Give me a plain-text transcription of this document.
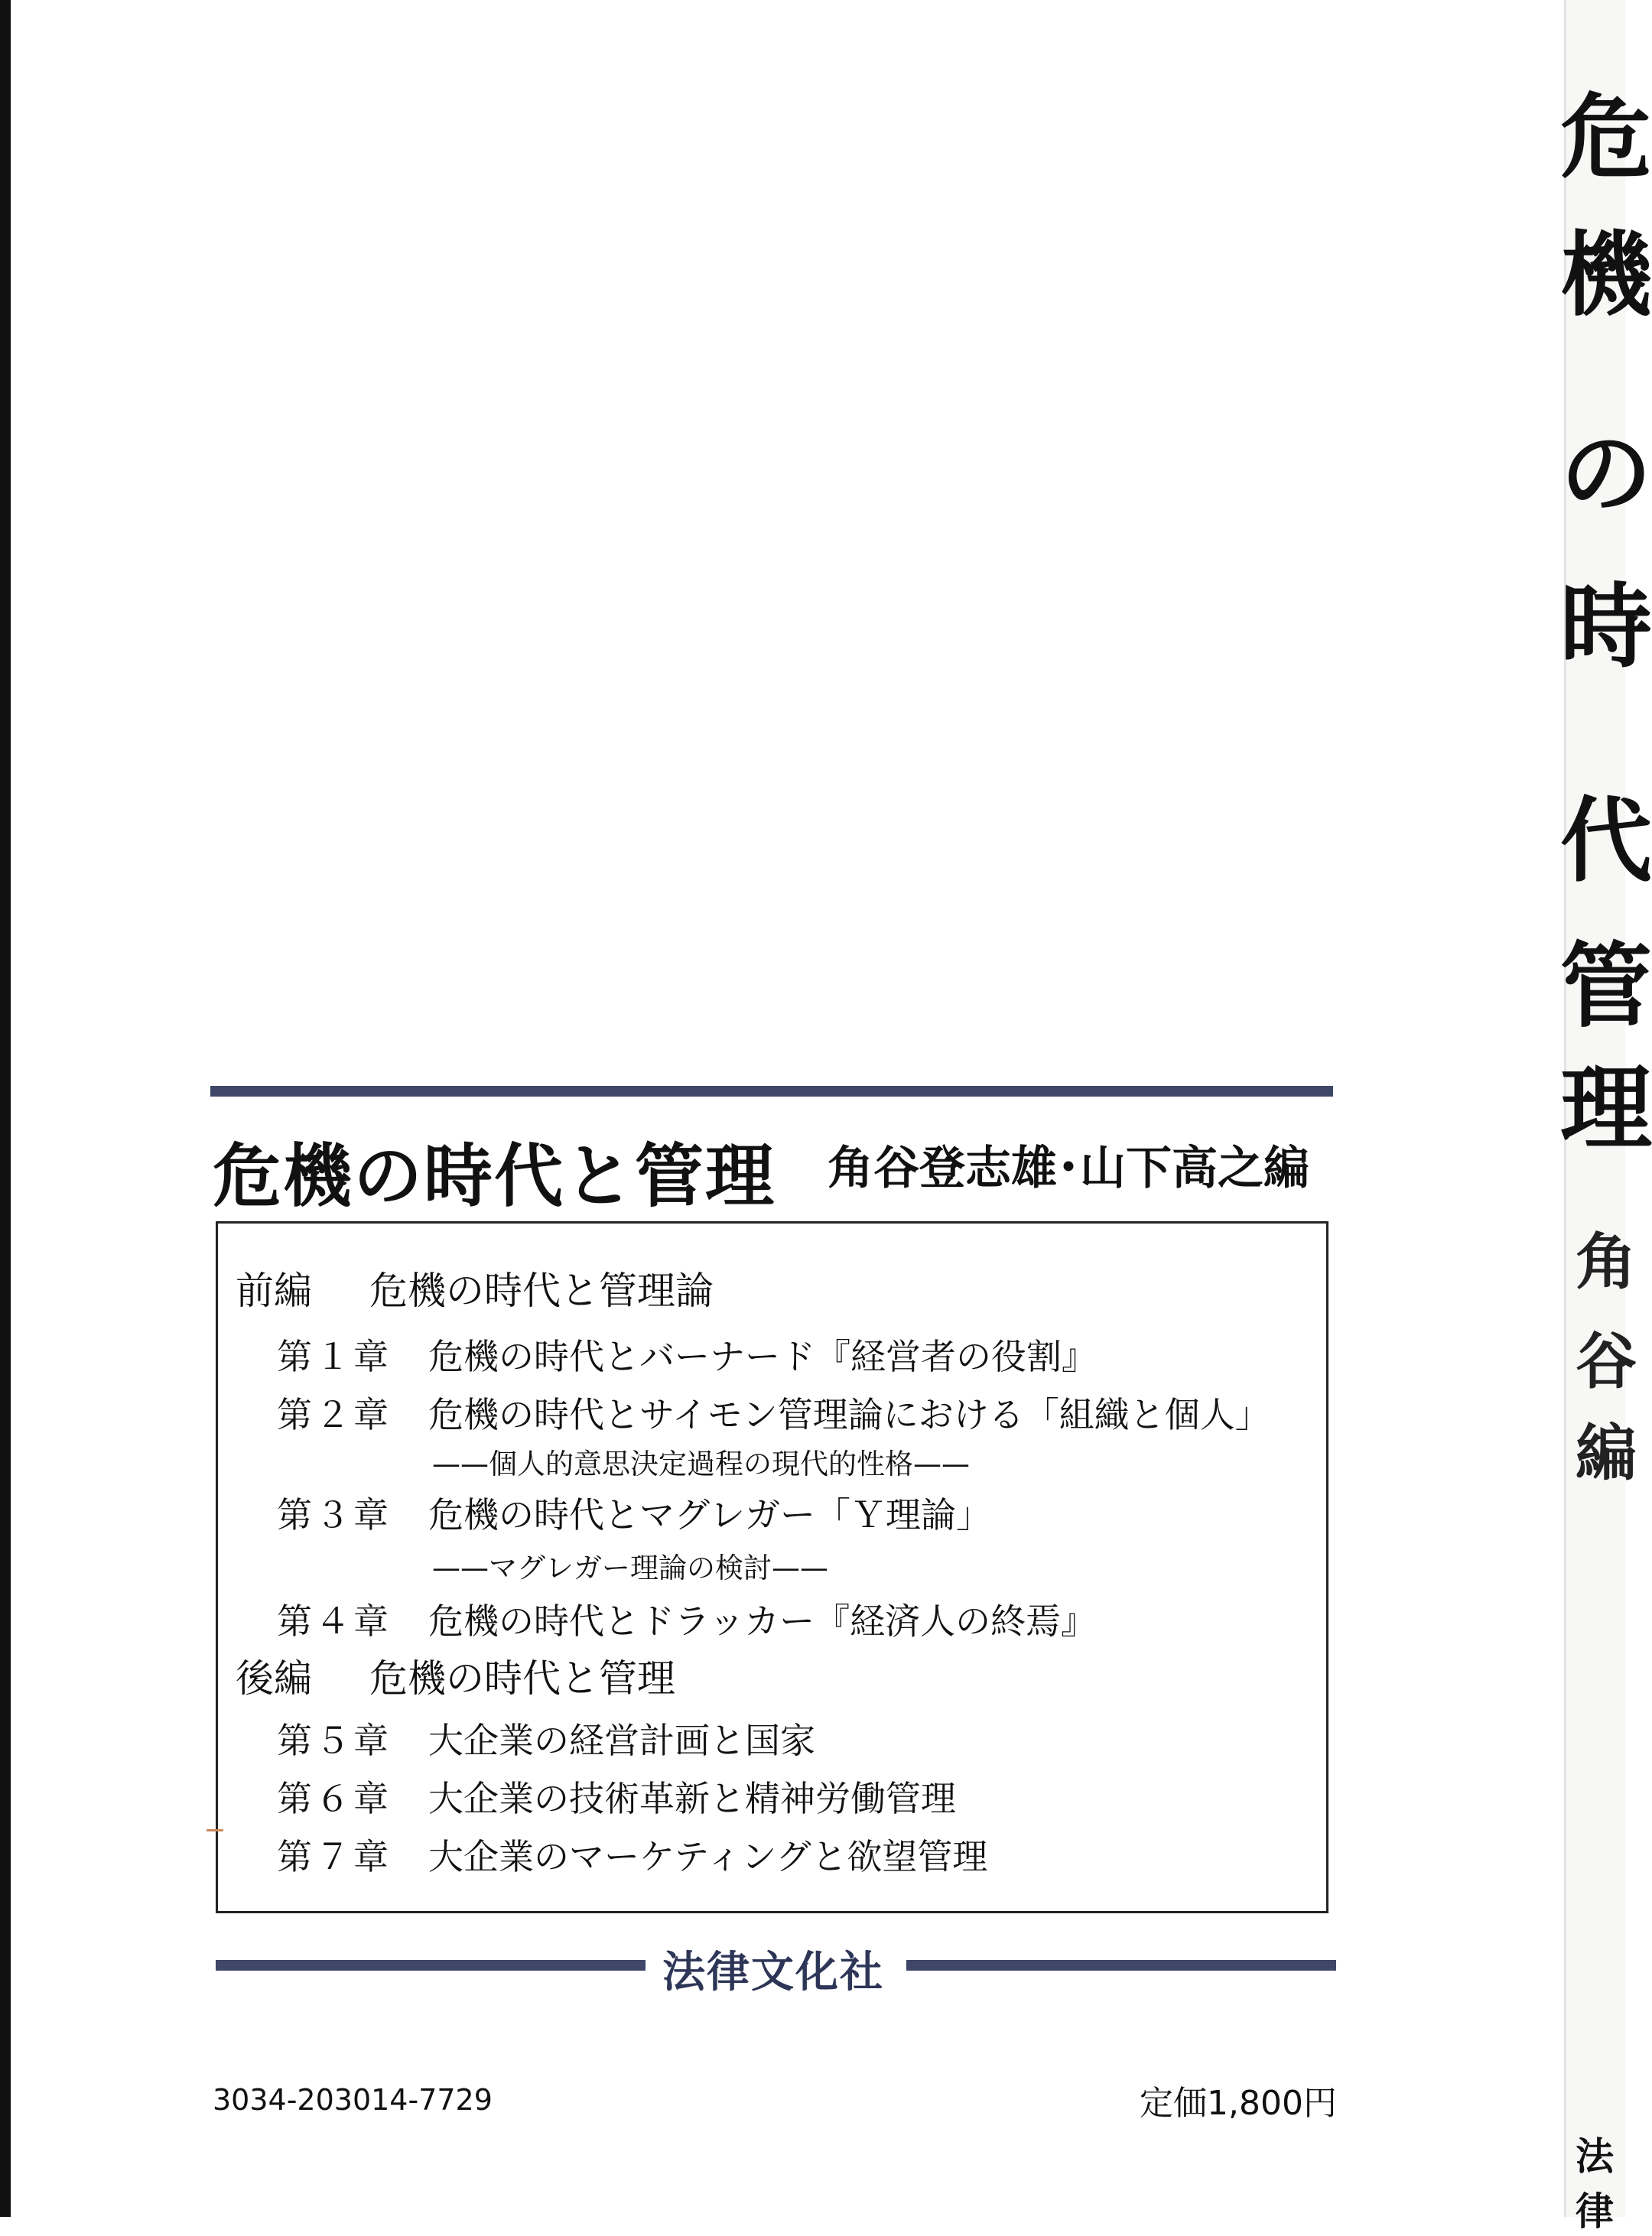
危
機
の
時
代
管
理
角
谷
編
法律
危機の時代と管理 角谷登志雄･山下高之編
前編 危機の時代と管理論
第１章 危機の時代とバーナード『経営者の役割』
第２章 危機の時代とサイモン管理論における「組織と個人」
——個人的意思決定過程の現代的性格——
第３章 危機の時代とマグレガー「Ｙ理論」
——マグレガー理論の検討——
第４章 危機の時代とドラッカー『経済人の終焉』
後編 危機の時代と管理
第５章 大企業の経営計画と国家
第６章 大企業の技術革新と精神労働管理
第７章 大企業のマーケティングと欲望管理
法律文化社
3034-203014-7729	定価1,800円
